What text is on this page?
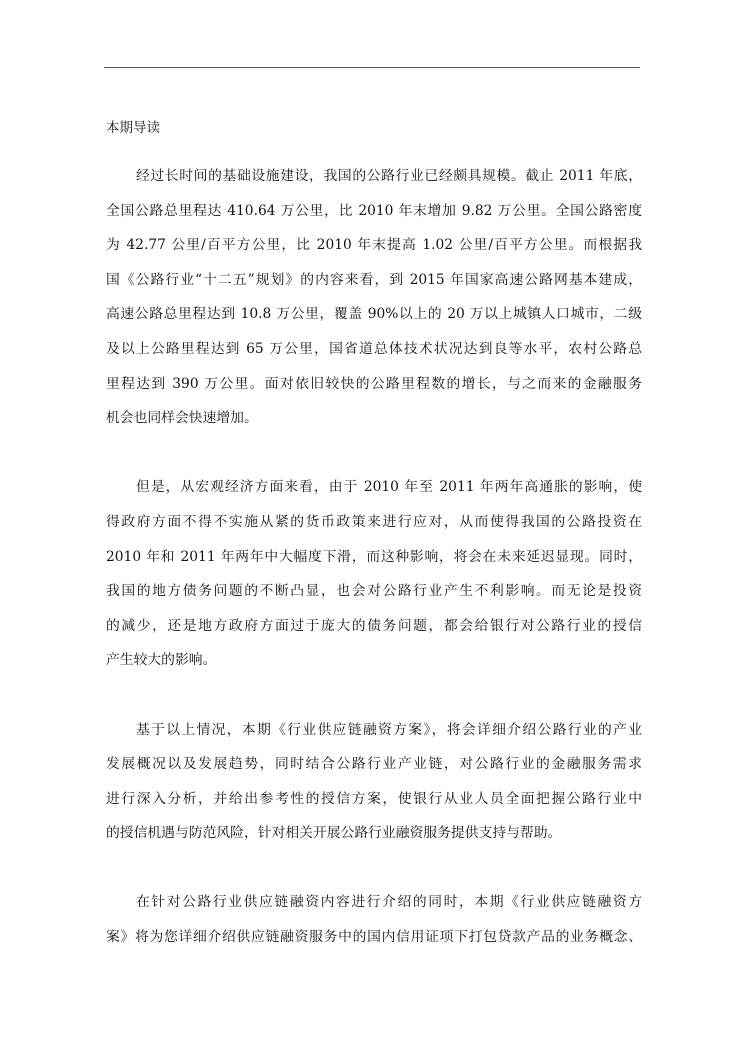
本期导读

经过长时间的基础设施建设，我国的公路行业已经颇具规模。截止 2011 年底，
全国公路总里程达 410.64 万公里，比 2010 年末增加 9.82 万公里。全国公路密度
为 42.77 公里/百平方公里，比 2010 年末提高 1.02 公里/百平方公里。而根据我
国《公路行业“十二五”规划》的内容来看，到 2015 年国家高速公路网基本建成，
高速公路总里程达到 10.8 万公里，覆盖 90%以上的 20 万以上城镇人口城市，二级
及以上公路里程达到 65 万公里，国省道总体技术状况达到良等水平，农村公路总
里程达到 390 万公里。面对依旧较快的公路里程数的增长，与之而来的金融服务
机会也同样会快速增加。

但是，从宏观经济方面来看，由于 2010 年至 2011 年两年高通胀的影响，使
得政府方面不得不实施从紧的货币政策来进行应对，从而使得我国的公路投资在
2010 年和 2011 年两年中大幅度下滑，而这种影响，将会在未来延迟显现。同时，
我国的地方债务问题的不断凸显，也会对公路行业产生不利影响。而无论是投资
的减少，还是地方政府方面过于庞大的债务问题，都会给银行对公路行业的授信
产生较大的影响。

基于以上情况，本期《行业供应链融资方案》，将会详细介绍公路行业的产业
发展概况以及发展趋势，同时结合公路行业产业链，对公路行业的金融服务需求
进行深入分析，并给出参考性的授信方案，使银行从业人员全面把握公路行业中
的授信机遇与防范风险，针对相关开展公路行业融资服务提供支持与帮助。

在针对公路行业供应链融资内容进行介绍的同时，本期《行业供应链融资方
案》将为您详细介绍供应链融资服务中的国内信用证项下打包贷款产品的业务概念、
